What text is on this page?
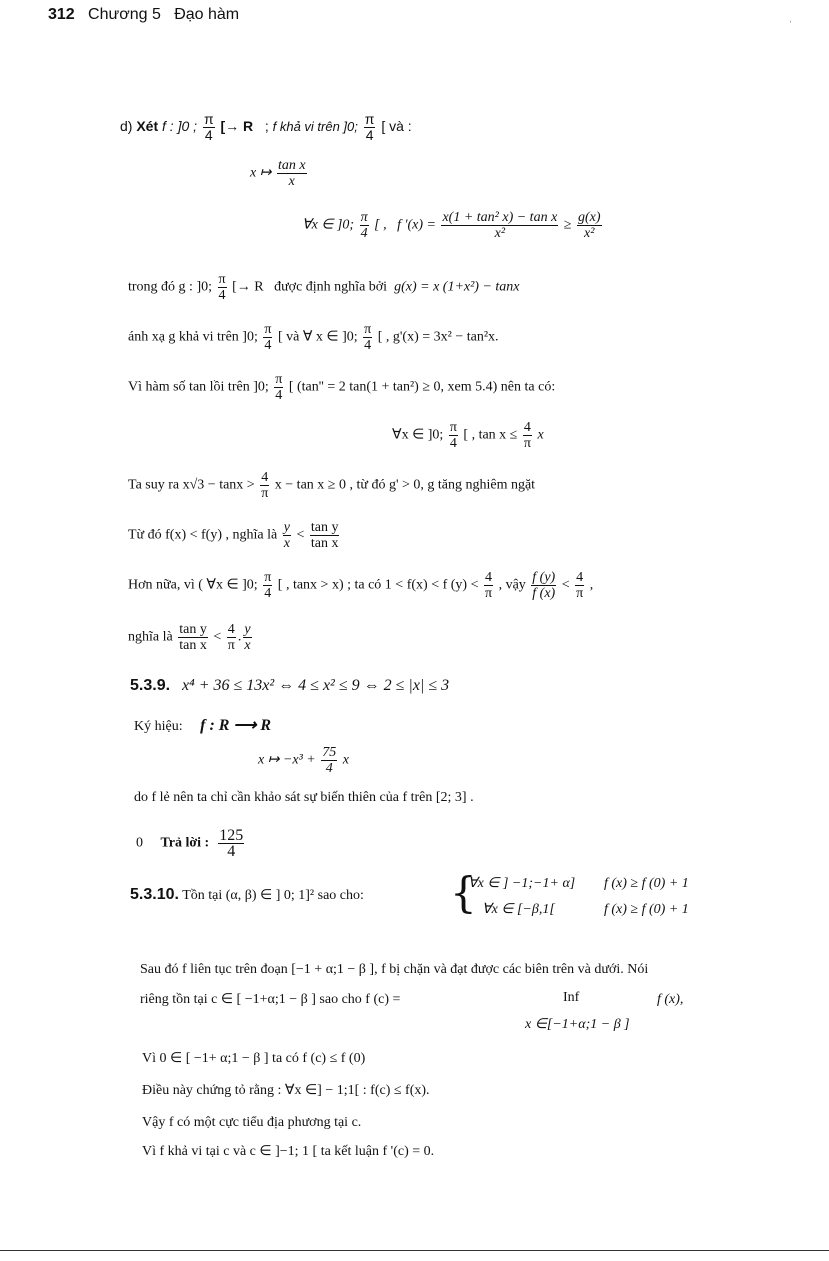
312 Chương 5 Đạo hàm	ˌ
d) Xét f : ]0 ; $\frac{\pi}{4}$ [→ R ; f khả vi trên ]0; $\frac{\pi}{4}$ [ và :
x ↦ $\frac{\text{tan x}}{x}$
∀x ∈ ]0; $\frac{\pi}{4}$ [ , f '$(x) = \frac{\text{x(1 + tan² x) − tan x}}{\text{x²}} \ge \frac{g(x)}{\text{x²}}$
trong đó g : ]0; $\frac{\pi}{4}$ [→ R được định nghĩa bởi g(x) = x (1+x²) − tanx
ánh xạ g khả vi trên ]0; $\frac{\pi}{4}$ [ và ∀ x ∈ ]0; $\frac{\pi}{4}$ [ , g'(x) = 3x² − tan²x.
Vì hàm số tan lồi trên ]0; $\frac{\pi}{4}$ [ (tan'' = 2 tan(1 + tan²) ≥ 0, xem 5.4) nên ta có:
∀x ∈ ]0; $\frac{\pi}{4}$ [ , $\tan x \le \frac{4}{\pi}$ x
Ta suy ra $x√3 - \tan x > \frac{4}{\pi}$ x − tan x ≥ 0 , từ đó g' > 0, g tăng nghiêm ngặt
Từ đó f(x) < f(y) , nghĩa là $\frac{y}{x} < \frac{\text{tan y}}{\text{tan x}}$
Hơn nữa, vì ( ∀x ∈ ]0; $\frac{\pi}{4}$ [ , tanx > x) ; ta có 1 < f(x) < f $(y) < \frac{4}{\pi}$ , vậy $\frac{f (y)}{f (x)} < \frac{4}{\pi}$ ,
nghĩa là $\frac{\text{tan y}}{\text{tan x}} < \frac{4}{\pi}$ . $\frac{y}{x}$
5.3.9. x⁴ + 36 ≤ 13x² ⇔ 4 ≤ x² ≤ 9 ⇔ 2 ≤ |x| ≤ 3
Ký hiệu: f : R ⟶ R
x ↦ $-x^3 + \frac{75}{4}$ x
do f lẻ nên ta chỉ cần khảo sát sự biến thiên của f trên [2; 3] .
0 Trả lời : $\frac{125}{4}$
5.3.10. Tồn tại (α, β) ∈ ] 0; 1]² sao cho: {
∀x ∈ ] −1;−1+ α] f (x) ≥ f (0) + 1
∀x ∈ [−β,1[	f (x) ≥ f (0) + 1
Sau đó f liên tục trên đoạn [−1 + α;1 − β ], f bị chặn và đạt được các biên trên và dưới. Nói
riêng tồn tại c ∈ [ −1+α;1 − β ] sao cho f (c) =	Inf	f (x),
x ∈[−1+α;1 − β ]
Vì 0 ∈ [ −1+ α;1 − β ] ta có f (c) ≤ f (0)
Điều này chứng tỏ rằng : ∀x ∈] − 1;1[ : f(c) ≤ f(x).
Vậy f có một cực tiểu địa phương tại c.
Vì f khả vi tại c và c ∈ ]−1; 1 [ ta kết luận f '(c) = 0.
